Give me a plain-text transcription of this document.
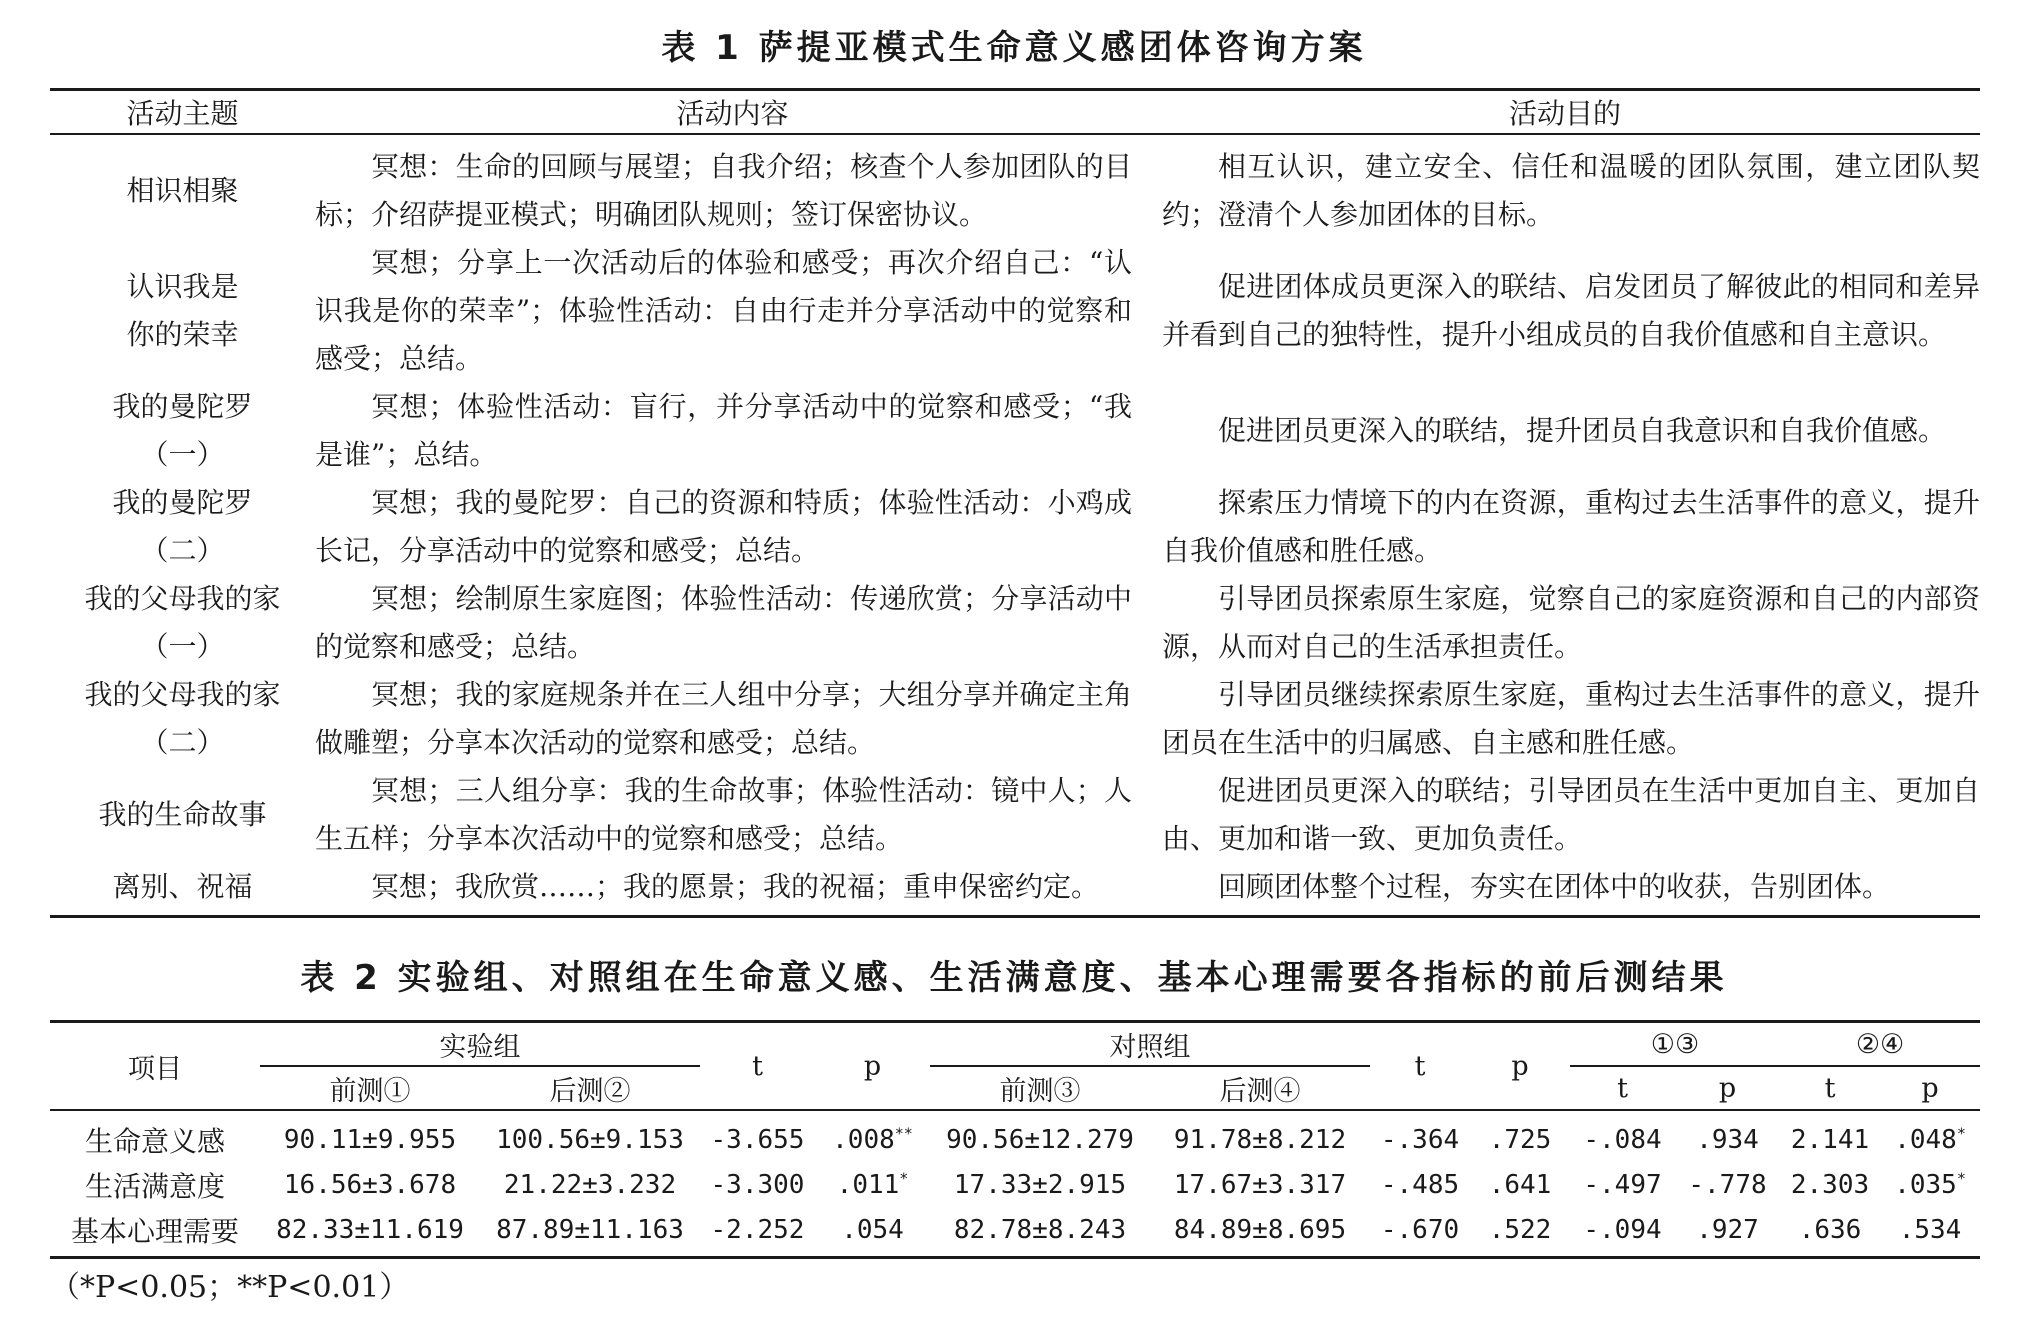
表 1 萨提亚模式生命意义感团体咨询方案
活动主题	活动内容	活动目的

相识相聚	冥想：生命的回顾与展望；自我介绍；核查个人参加团队的目标；介绍萨提亚模式；明确团队规则；签订保密协议。	相互认识，建立安全、信任和温暖的团队氛围，建立团队契约；澄清个人参加团体的目标。

认识我是
你的荣幸	冥想；分享上一次活动后的体验和感受；再次介绍自己：“认识我是你的荣幸”；体验性活动：自由行走并分享活动中的觉察和感受；总结。	促进团体成员更深入的联结、启发团员了解彼此的相同和差异并看到自己的独特性，提升小组成员的自我价值感和自主意识。

我的曼陀罗
（一）	冥想；体验性活动：盲行，并分享活动中的觉察和感受；“我是谁”；总结。	促进团员更深入的联结，提升团员自我意识和自我价值感。

我的曼陀罗
（二）	冥想；我的曼陀罗：自己的资源和特质；体验性活动：小鸡成长记，分享活动中的觉察和感受；总结。	探索压力情境下的内在资源，重构过去生活事件的意义，提升自我价值感和胜任感。

我的父母我的家
（一）	冥想；绘制原生家庭图；体验性活动：传递欣赏；分享活动中的觉察和感受；总结。	引导团员探索原生家庭，觉察自己的家庭资源和自己的内部资源，从而对自己的生活承担责任。

我的父母我的家
（二）	冥想；我的家庭规条并在三人组中分享；大组分享并确定主角做雕塑；分享本次活动的觉察和感受；总结。	引导团员继续探索原生家庭，重构过去生活事件的意义，提升团员在生活中的归属感、自主感和胜任感。

我的生命故事	冥想；三人组分享：我的生命故事；体验性活动：镜中人；人生五样；分享本次活动中的觉察和感受；总结。	促进团员更深入的联结；引导团员在生活中更加自主、更加自由、更加和谐一致、更加负责任。

离别、祝福	冥想；我欣赏……；我的愿景；我的祝福；重申保密约定。	回顾团体整个过程，夯实在团体中的收获，告别团体。
表 2 实验组、对照组在生命意义感、生活满意度、基本心理需要各指标的前后测结果
项目	实验组		t	p	对照组		t	p	①③		②④	
	前测①	后测②			前测③	后测④			t	p	t	p
生命意义感	90.11±9.955	100.56±9.153	-3.655	.008**	90.56±12.279	91.78±8.212	-.364	.725	-.084	.934	2.141	.048*
生活满意度	16.56±3.678	21.22±3.232	-3.300	.011*	17.33±2.915	17.67±3.317	-.485	.641	-.497	-.778	2.303	.035*
基本心理需要	82.33±11.619	87.89±11.163	-2.252	.054	82.78±8.243	84.89±8.695	-.670	.522	-.094	.927	.636	.534
（*P<0.05；**P<0.01）
